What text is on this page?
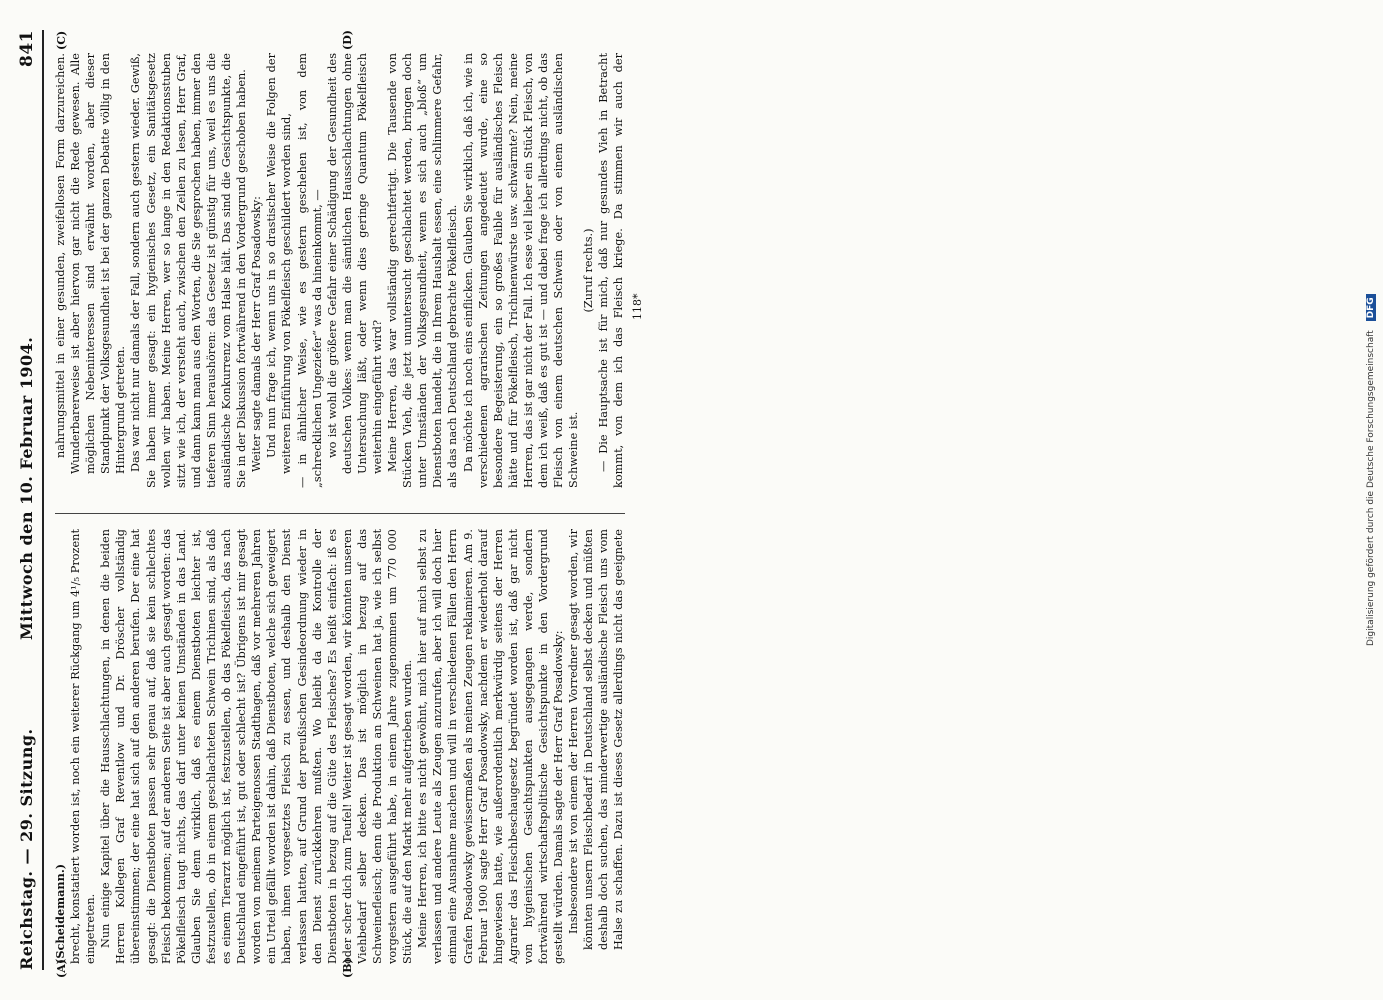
Reichstag. — 29. Sitzung.
Mittwoch den 10. Februar 1904.
841
(A)	(B)
(C)	(D)

(Scheidemann.) brecht, konstatiert worden ist, noch ein weiterer Rückgang um 4¹/₅ Prozent eingetreten. Nun einige Kapitel über die Hausschlachtungen, in denen die beiden Herren Kollegen Graf Reventlow und Dr. Dröscher vollständig übereinstimmen; der eine hat sich auf den anderen berufen. Der eine hat gesagt: die Dienstboten passen sehr genau auf, daß sie kein schlechtes Fleisch bekommen; auf der anderen Seite ist aber auch gesagt worden: das Pökelfleisch taugt nichts, das darf unter keinen Umständen in das Land. Glauben Sie denn wirklich, daß es einem Dienstboten leichter ist, festzustellen, ob in einem geschlachteten Schwein Trichinen sind, als daß es einem Tierarzt möglich ist, festzustellen, ob das Pökelfleisch, das nach Deutschland eingeführt ist, gut oder schlecht ist? Übrigens ist mir gesagt worden von meinem Parteigenossen Stadthagen, daß vor mehreren Jahren ein Urteil gefällt worden ist dahin, daß Dienstboten, welche sich geweigert haben, ihnen vorgesetztes Fleisch zu essen, und deshalb den Dienst verlassen hatten, auf Grund der preußischen Gesindeordnung wieder in den Dienst zurückkehren mußten. Wo bleibt da die Kontrolle der Dienstboten in bezug auf die Güte des Fleisches? Es heißt einfach: iß es oder scher dich zum Teufel! Weiter ist gesagt worden, wir könnten unseren Viehbedarf selber decken. Das ist möglich in bezug auf das Schweinefleisch; denn die Produktion an Schweinen hat ja, wie ich selbst vorgestern ausgeführt habe, in einem Jahre zugenommen um 770 000 Stück, die auf den Markt mehr aufgetrieben wurden. Meine Herren, ich bitte es nicht gewöhnt, mich hier auf mich selbst zu verlassen und andere Leute als Zeugen anzurufen, aber ich will doch hier einmal eine Ausnahme machen und will in verschiedenen Fällen den Herrn Grafen Posadowsky gewissermaßen als meinen Zeugen reklamieren. Am 9. Februar 1900 sagte Herr Graf Posadowsky, nachdem er wiederholt darauf hingewiesen hatte, wie außerordentlich merkwürdig seitens der Herren Agrarier das Fleischbeschaugesetz begründet worden ist, daß gar nicht von hygienischen Gesichtspunkten ausgegangen werde, sondern fortwährend wirtschaftspolitische Gesichtspunkte in den Vordergrund gestellt würden. Damals sagte der Herr Graf Posadowsky: Insbesondere ist von einem der Herren Vorredner gesagt worden, wir könnten unsern Fleischbedarf in Deutschland selbst decken und müßten deshalb doch suchen, das minderwertige ausländische Fleisch uns vom Halse zu schaffen. Dazu ist dieses Gesetz allerdings nicht das geeignete

nahrungsmittel in einer gesunden, zweifellosen Form darzureichen. Wunderbarerweise ist aber hiervon gar nicht die Rede gewesen. Alle möglichen Nebeninteressen sind erwähnt worden, aber dieser Standpunkt der Volksgesundheit ist bei der ganzen Debatte völlig in den Hintergrund getreten. Das war nicht nur damals der Fall, sondern auch gestern wieder. Gewiß, Sie haben immer gesagt: ein hygienisches Gesetz, ein Sanitätsgesetz wollen wir haben. Meine Herren, wer so lange in den Redaktionsstuben sitzt wie ich, der versteht auch, zwischen den Zeilen zu lesen, Herr Graf, und dann kann man aus den Worten, die Sie gesprochen haben, immer den tieferen Sinn heraushören: das Gesetz ist günstig für uns, weil es uns die ausländische Konkurrenz vom Halse hält. Das sind die Gesichtspunkte, die Sie in der Diskussion fortwährend in den Vordergrund geschoben haben. Weiter sagte damals der Herr Graf Posadowsky: Und nun frage ich, wenn uns in so drastischer Weise die Folgen der weiteren Einführung von Pökelfleisch geschildert worden sind, — in ähnlicher Weise, wie es gestern geschehen ist, von dem „schrecklichen Ungeziefer“ was da hineinkommt, — wo ist wohl die größere Gefahr einer Schädigung der Gesundheit des deutschen Volkes: wenn man die sämtlichen Hausschlachtungen ohne Untersuchung läßt, oder wenn dies geringe Quantum Pökelfleisch weiterhin eingeführt wird? Meine Herren, das war vollständig gerechtfertigt. Die Tausende von Stücken Vieh, die jetzt ununtersucht geschlachtet werden, bringen doch unter Umständen der Volksgesundheit, wenn es sich auch „bloß“ um Dienstboten handelt, die in Ihrem Haushalt essen, eine schlimmere Gefahr, als das nach Deutschland gebrachte Pökelfleisch. Da möchte ich noch eins einflicken. Glauben Sie wirklich, daß ich, wie in verschiedenen agrarischen Zeitungen angedeutet wurde, eine so besondere Begeisterung, ein so großes Faible für ausländisches Fleisch hätte und für Pökelfleisch, Trichinenwürste usw. schwärmte? Nein, meine Herren, das ist gar nicht der Fall. Ich esse viel lieber ein Stück Fleisch, von dem ich weiß, daß es gut ist — und dabei frage ich allerdings nicht, ob das Fleisch von einem deutschen Schwein oder von einem ausländischen Schweine ist.

(Zuruf rechts.)

— Die Hauptsache ist für mich, daß nur gesundes Vieh in Betracht kommt, von dem ich das Fleisch kriege. Da stimmen wir auch der

118*
Digitalisierung gefördert durch die Deutsche Forschungsgemeinschaft DFG
